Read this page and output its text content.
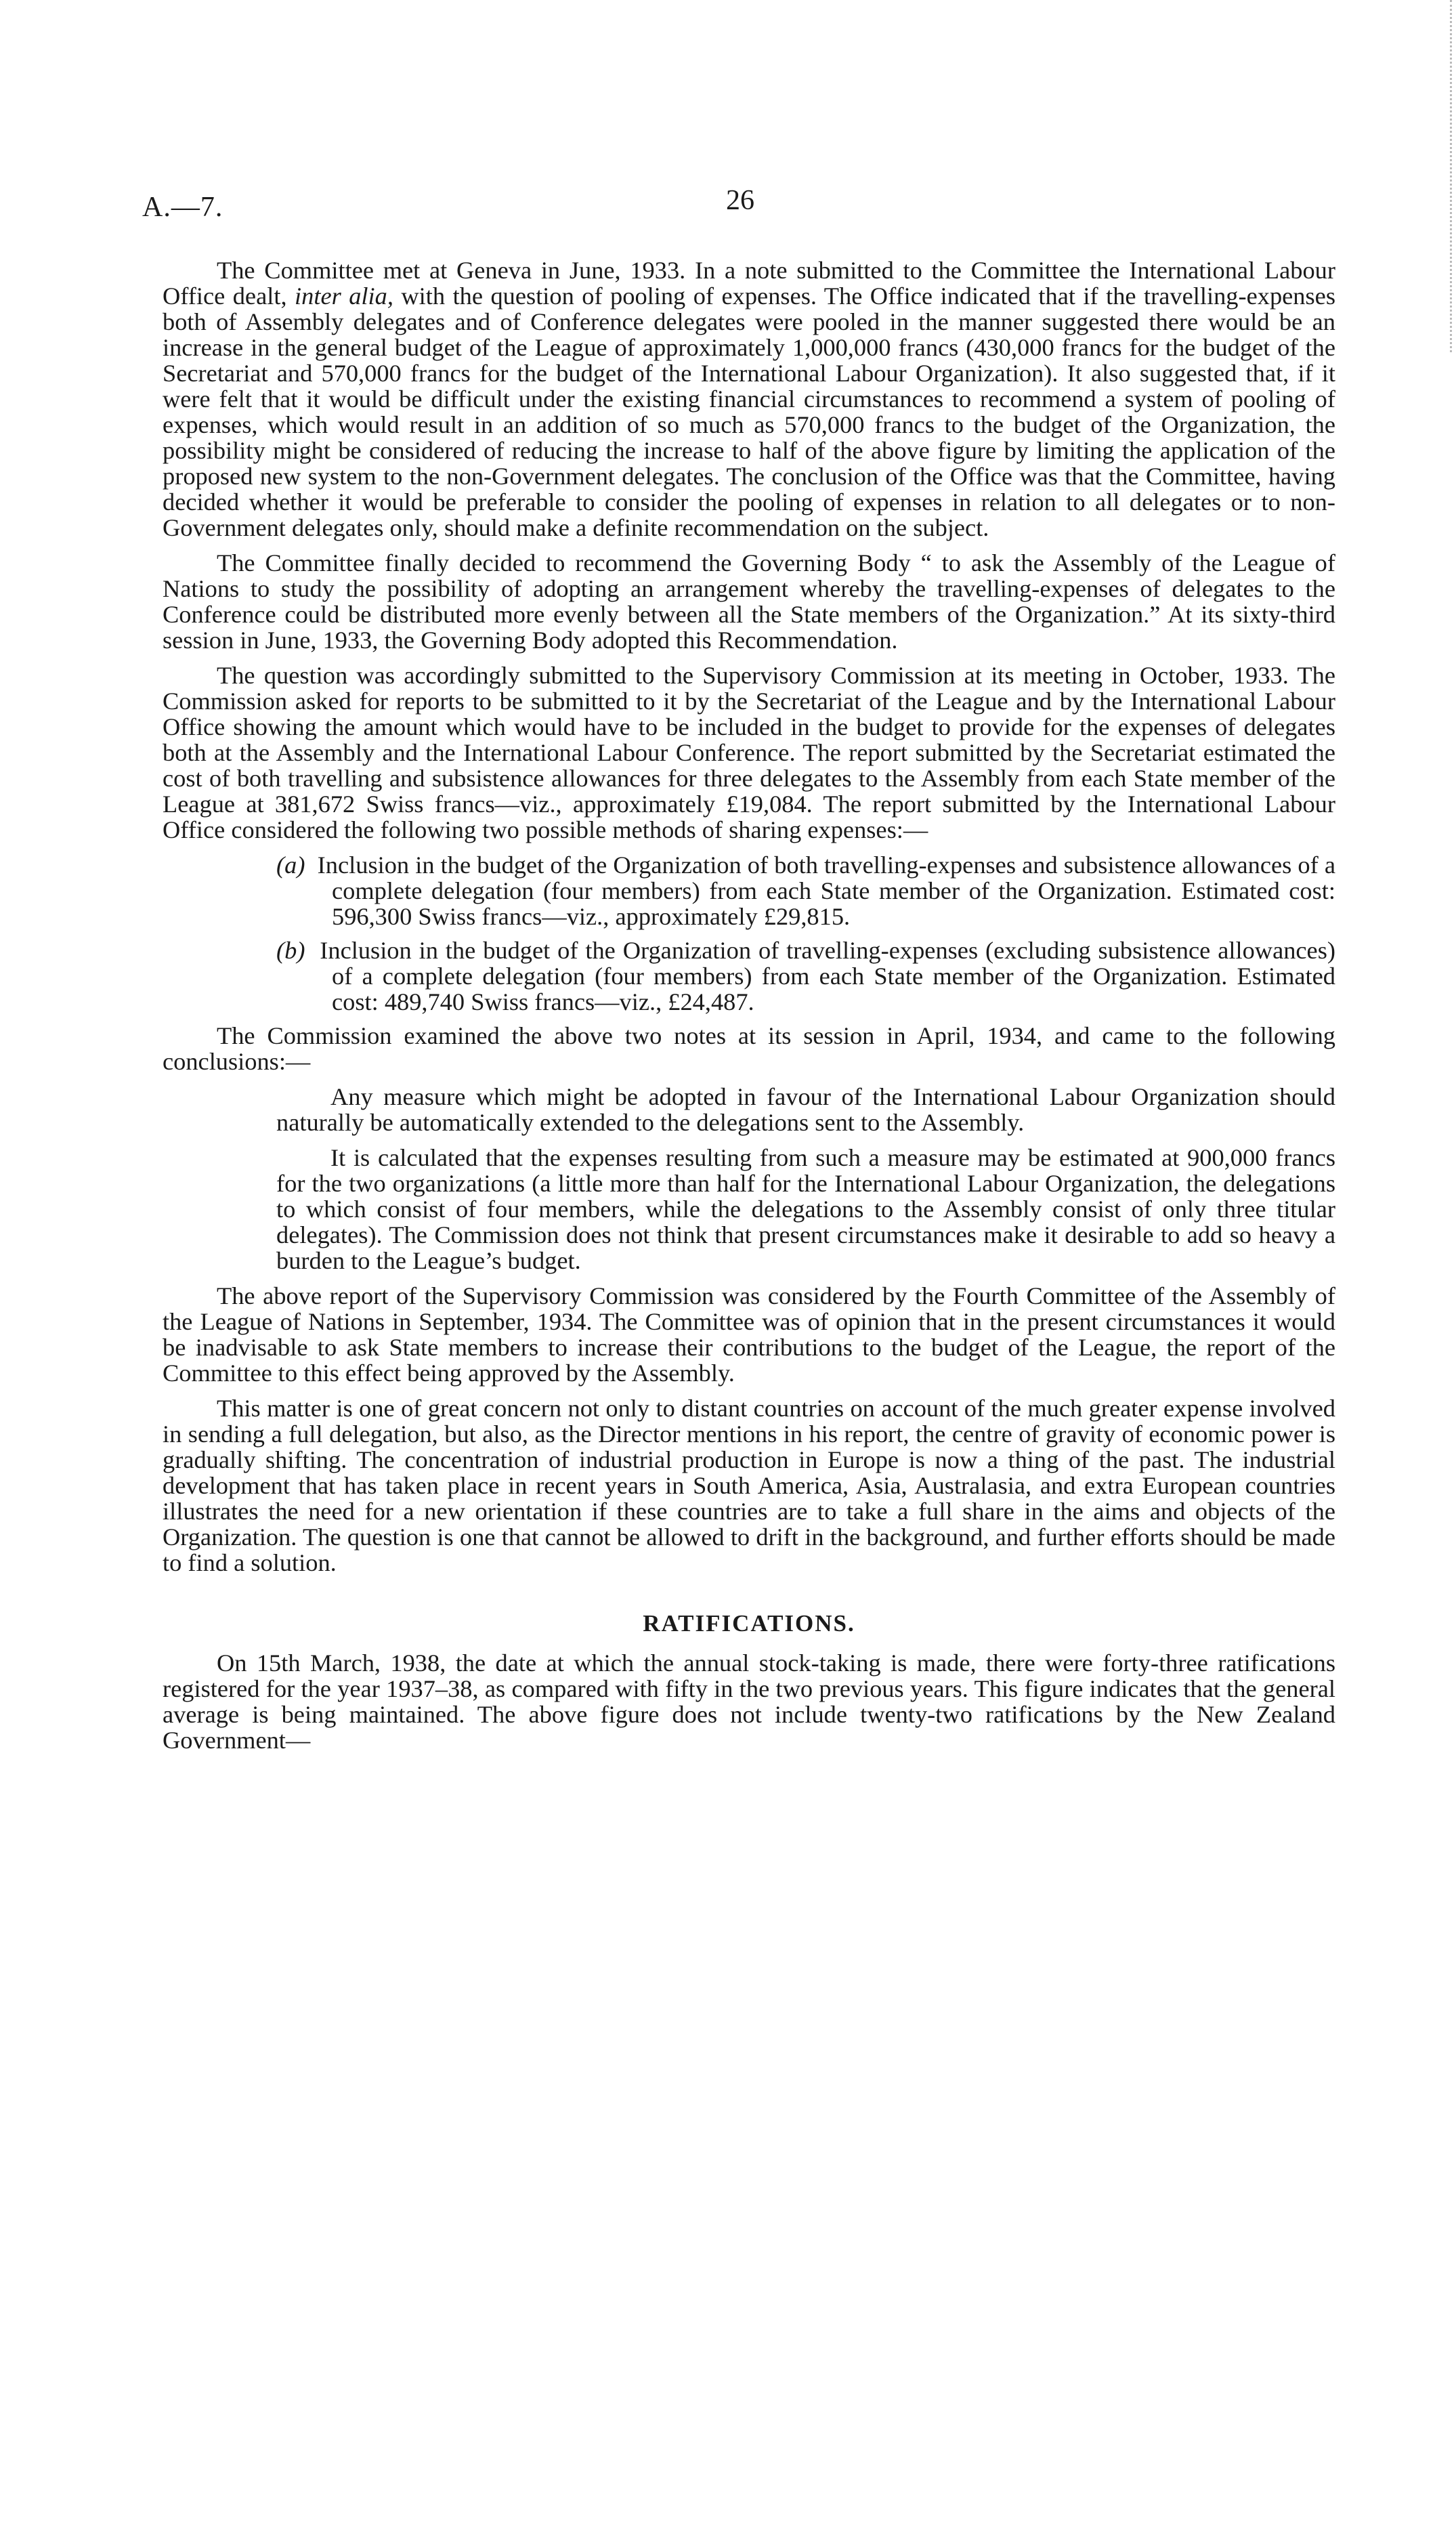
A.—7.	26

The Committee met at Geneva in June, 1933. In a note submitted to the Committee the International Labour Office dealt, inter alia, with the question of pooling of expenses. The Office indicated that if the travelling-expenses both of Assembly delegates and of Conference delegates were pooled in the manner suggested there would be an increase in the general budget of the League of approximately 1,000,000 francs (430,000 francs for the budget of the Secretariat and 570,000 francs for the budget of the International Labour Organization). It also suggested that, if it were felt that it would be difficult under the existing financial circumstances to recommend a system of pooling of expenses, which would result in an addition of so much as 570,000 francs to the budget of the Organization, the possibility might be considered of reducing the increase to half of the above figure by limiting the application of the proposed new system to the non-Government delegates. The conclusion of the Office was that the Committee, having decided whether it would be preferable to consider the pooling of expenses in relation to all delegates or to non-Government delegates only, should make a definite recommendation on the subject.

The Committee finally decided to recommend the Governing Body “ to ask the Assembly of the League of Nations to study the possibility of adopting an arrangement whereby the travelling-expenses of delegates to the Conference could be distributed more evenly between all the State members of the Organization.” At its sixty-third session in June, 1933, the Governing Body adopted this Recommendation.

The question was accordingly submitted to the Supervisory Commission at its meeting in October, 1933. The Commission asked for reports to be submitted to it by the Secretariat of the League and by the International Labour Office showing the amount which would have to be included in the budget to provide for the expenses of delegates both at the Assembly and the International Labour Conference. The report submitted by the Secretariat estimated the cost of both travelling and subsistence allowances for three delegates to the Assembly from each State member of the League at 381,672 Swiss francs—viz., approximately £19,084. The report submitted by the International Labour Office considered the following two possible methods of sharing expenses:—

(a) Inclusion in the budget of the Organization of both travelling-expenses and subsistence allowances of a complete delegation (four members) from each State member of the Organization. Estimated cost: 596,300 Swiss francs—viz., approximately £29,815.

(b) Inclusion in the budget of the Organization of travelling-expenses (excluding subsistence allowances) of a complete delegation (four members) from each State member of the Organization. Estimated cost: 489,740 Swiss francs—viz., £24,487.

The Commission examined the above two notes at its session in April, 1934, and came to the following conclusions:—

Any measure which might be adopted in favour of the International Labour Organization should naturally be automatically extended to the delegations sent to the Assembly.

It is calculated that the expenses resulting from such a measure may be estimated at 900,000 francs for the two organizations (a little more than half for the International Labour Organization, the delegations to which consist of four members, while the delegations to the Assembly consist of only three titular delegates). The Commission does not think that present circumstances make it desirable to add so heavy a burden to the League’s budget.

The above report of the Supervisory Commission was considered by the Fourth Committee of the Assembly of the League of Nations in September, 1934. The Committee was of opinion that in the present circumstances it would be inadvisable to ask State members to increase their contributions to the budget of the League, the report of the Committee to this effect being approved by the Assembly.

This matter is one of great concern not only to distant countries on account of the much greater expense involved in sending a full delegation, but also, as the Director mentions in his report, the centre of gravity of economic power is gradually shifting. The concentration of industrial production in Europe is now a thing of the past. The industrial development that has taken place in recent years in South America, Asia, Australasia, and extra European countries illustrates the need for a new orientation if these countries are to take a full share in the aims and objects of the Organization. The question is one that cannot be allowed to drift in the background, and further efforts should be made to find a solution.

RATIFICATIONS.

On 15th March, 1938, the date at which the annual stock-taking is made, there were forty-three ratifications registered for the year 1937–38, as compared with fifty in the two previous years. This figure indicates that the general average is being maintained. The above figure does not include twenty-two ratifications by the New Zealand Government—
